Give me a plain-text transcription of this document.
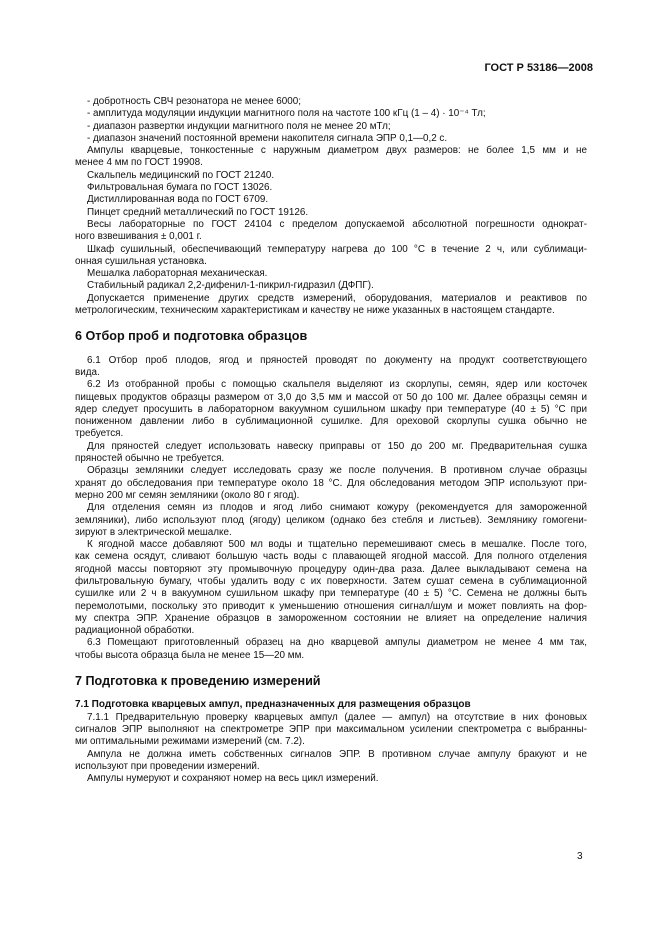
ГОСТ Р 53186—2008

- добротность СВЧ резонатора не менее 6000;

- амплитуда модуляции индукции магнитного поля на частоте 100 кГц (1 – 4) · 10⁻⁴ Тл;

- диапазон развертки индукции магнитного поля не менее 20 мТл;

- диапазон значений постоянной времени накопителя сигнала ЭПР 0,1—0,2 с.

Ампулы кварцевые, тонкостенные с наружным диаметром двух размеров: не более 1,5 мм и не
менее 4 мм по ГОСТ 19908.

Скальпель медицинский по ГОСТ 21240.

Фильтровальная бумага по ГОСТ 13026.

Дистиллированная вода по ГОСТ 6709.

Пинцет средний металлический по ГОСТ 19126.

Весы лабораторные по ГОСТ 24104 с пределом допускаемой абсолютной погрешности однократ-
ного взвешивания ± 0,001 г.

Шкаф сушильный, обеспечивающий температуру нагрева до 100 °С в течение 2 ч, или сублимаци-
онная сушильная установка.

Мешалка лабораторная механическая.

Стабильный радикал 2,2-дифенил-1-пикрил-гидразил (ДФПГ).

Допускается применение других средств измерений, оборудования, материалов и реактивов по
метрологическим, техническим характеристикам и качеству не ниже указанных в настоящем стандарте.

6 Отбор проб и подготовка образцов

6.1 Отбор проб плодов, ягод и пряностей проводят по документу на продукт соответствующего
вида.

6.2 Из отобранной пробы с помощью скальпеля выделяют из скорлупы, семян, ядер или косточек
пищевых продуктов образцы размером от 3,0 до 3,5 мм и массой от 50 до 100 мг. Далее образцы семян и
ядер следует просушить в лабораторном вакуумном сушильном шкафу при температуре (40 ± 5) °С при
пониженном давлении либо в сублимационной сушилке. Для ореховой скорлупы сушка обычно не
требуется.

Для пряностей следует использовать навеску приправы от 150 до 200 мг. Предварительная сушка
пряностей обычно не требуется.

Образцы земляники следует исследовать сразу же после получения. В противном случае образцы
хранят до обследования при температуре около 18 °С. Для обследования методом ЭПР используют при-
мерно 200 мг семян земляники (около 80 г ягод).

Для отделения семян из плодов и ягод либо снимают кожуру (рекомендуется для замороженной
земляники), либо используют плод (ягоду) целиком (однако без стебля и листьев). Землянику гомогени-
зируют в электрической мешалке.

К ягодной массе добавляют 500 мл воды и тщательно перемешивают смесь в мешалке. После того,
как семена осядут, сливают большую часть воды с плавающей ягодной массой. Для полного отделения
ягодной массы повторяют эту промывочную процедуру один-два раза. Далее выкладывают семена на
фильтровальную бумагу, чтобы удалить воду с их поверхности. Затем сушат семена в сублимационной
сушилке или 2 ч в вакуумном сушильном шкафу при температуре (40 ± 5) °С. Семена не должны быть
перемолотыми, поскольку это приводит к уменьшению отношения сигнал/шум и может повлиять на фор-
му спектра ЭПР. Хранение образцов в замороженном состоянии не влияет на определение наличия
радиационной обработки.

6.3 Помещают приготовленный образец на дно кварцевой ампулы диаметром не менее 4 мм так,
чтобы высота образца была не менее 15—20 мм.

7 Подготовка к проведению измерений

7.1 Подготовка кварцевых ампул, предназначенных для размещения образцов

7.1.1 Предварительную проверку кварцевых ампул (далее — ампул) на отсутствие в них фоновых
сигналов ЭПР выполняют на спектрометре ЭПР при максимальном усилении спектрометра с выбранны-
ми оптимальными режимами измерений (см. 7.2).

Ампула не должна иметь собственных сигналов ЭПР. В противном случае ампулу бракуют и не
используют при проведении измерений.

Ампулы нумеруют и сохраняют номер на весь цикл измерений.

3
